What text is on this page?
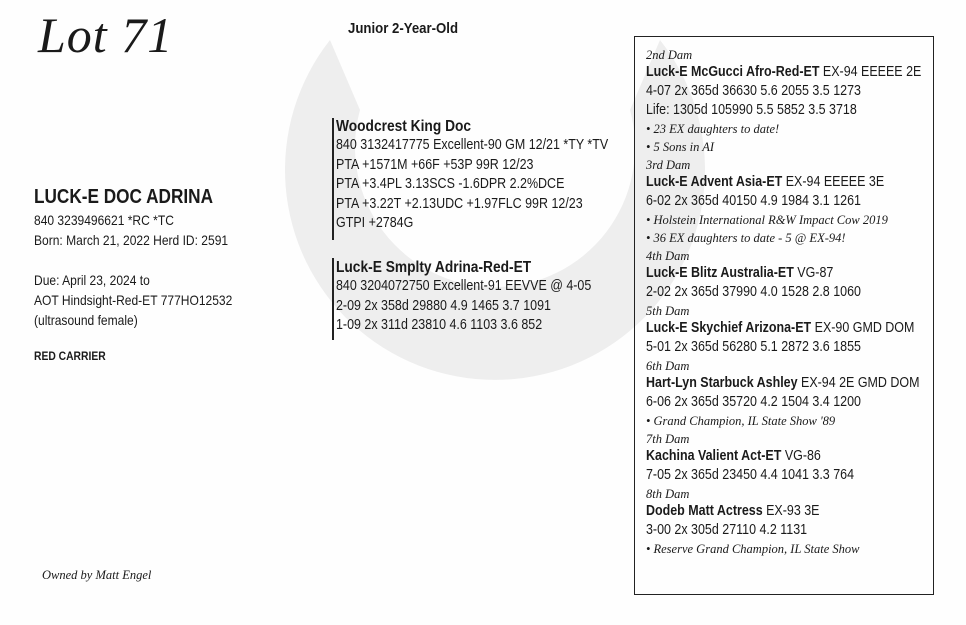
Lot 71	Junior 2-Year-Old
LUCK-E DOC ADRINA
840 3239496621 *RC *TC
Born: March 21, 2022 Herd ID: 2591
Due: April 23, 2024 to
AOT Hindsight-Red-ET 777HO12532
(ultrasound female)
RED CARRIER
Owned by Matt Engel
Woodcrest King Doc
840 3132417775 Excellent-90 GM 12/21 *TY *TV
PTA +1571M +66F +53P 99R 12/23
PTA +3.4PL 3.13SCS -1.6DPR 2.2%DCE
PTA +3.22T +2.13UDC +1.97FLC 99R 12/23
GTPI +2784G
Luck-E Smplty Adrina-Red-ET
840 3204072750 Excellent-91 EEVVE @ 4-05
2-09 2x 358d 29880 4.9 1465 3.7 1091
1-09 2x 311d 23810 4.6 1103 3.6 852
2nd Dam
Luck-E McGucci Afro-Red-ET EX-94 EEEEE 2E
4-07 2x 365d 36630 5.6 2055 3.5 1273
Life: 1305d 105990 5.5 5852 3.5 3718
• 23 EX daughters to date!
• 5 Sons in AI
3rd Dam
Luck-E Advent Asia-ET EX-94 EEEEE 3E
6-02 2x 365d 40150 4.9 1984 3.1 1261
• Holstein International R&W Impact Cow 2019
• 36 EX daughters to date - 5 @ EX-94!
4th Dam
Luck-E Blitz Australia-ET VG-87
2-02 2x 365d 37990 4.0 1528 2.8 1060
5th Dam
Luck-E Skychief Arizona-ET EX-90 GMD DOM
5-01 2x 365d 56280 5.1 2872 3.6 1855
6th Dam
Hart-Lyn Starbuck Ashley EX-94 2E GMD DOM
6-06 2x 365d 35720 4.2 1504 3.4 1200
• Grand Champion, IL State Show '89
7th Dam
Kachina Valient Act-ET VG-86
7-05 2x 365d 23450 4.4 1041 3.3 764
8th Dam
Dodeb Matt Actress EX-93 3E
3-00 2x 305d 27110 4.2 1131
• Reserve Grand Champion, IL State Show
